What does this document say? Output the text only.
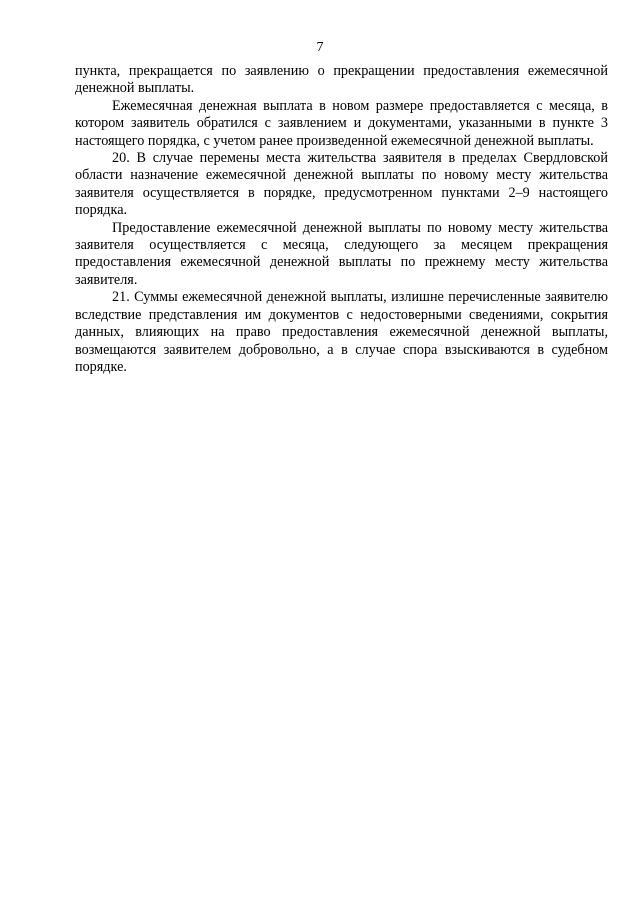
7

пункта, прекращается по заявлению о прекращении предоставления ежемесячной денежной выплаты.

Ежемесячная денежная выплата в новом размере предоставляется с месяца, в котором заявитель обратился с заявлением и документами, указанными в пункте 3 настоящего порядка, с учетом ранее произведенной ежемесячной денежной выплаты.

20. В случае перемены места жительства заявителя в пределах Свердловской области назначение ежемесячной денежной выплаты по новому месту жительства заявителя осуществляется в порядке, предусмотренном пунктами 2–9 настоящего порядка.

Предоставление ежемесячной денежной выплаты по новому месту жительства заявителя осуществляется с месяца, следующего за месяцем прекращения предоставления ежемесячной денежной выплаты по прежнему месту жительства заявителя.

21. Суммы ежемесячной денежной выплаты, излишне перечисленные заявителю вследствие представления им документов с недостоверными сведениями, сокрытия данных, влияющих на право предоставления ежемесячной денежной выплаты, возмещаются заявителем добровольно, а в случае спора взыскиваются в судебном порядке.
